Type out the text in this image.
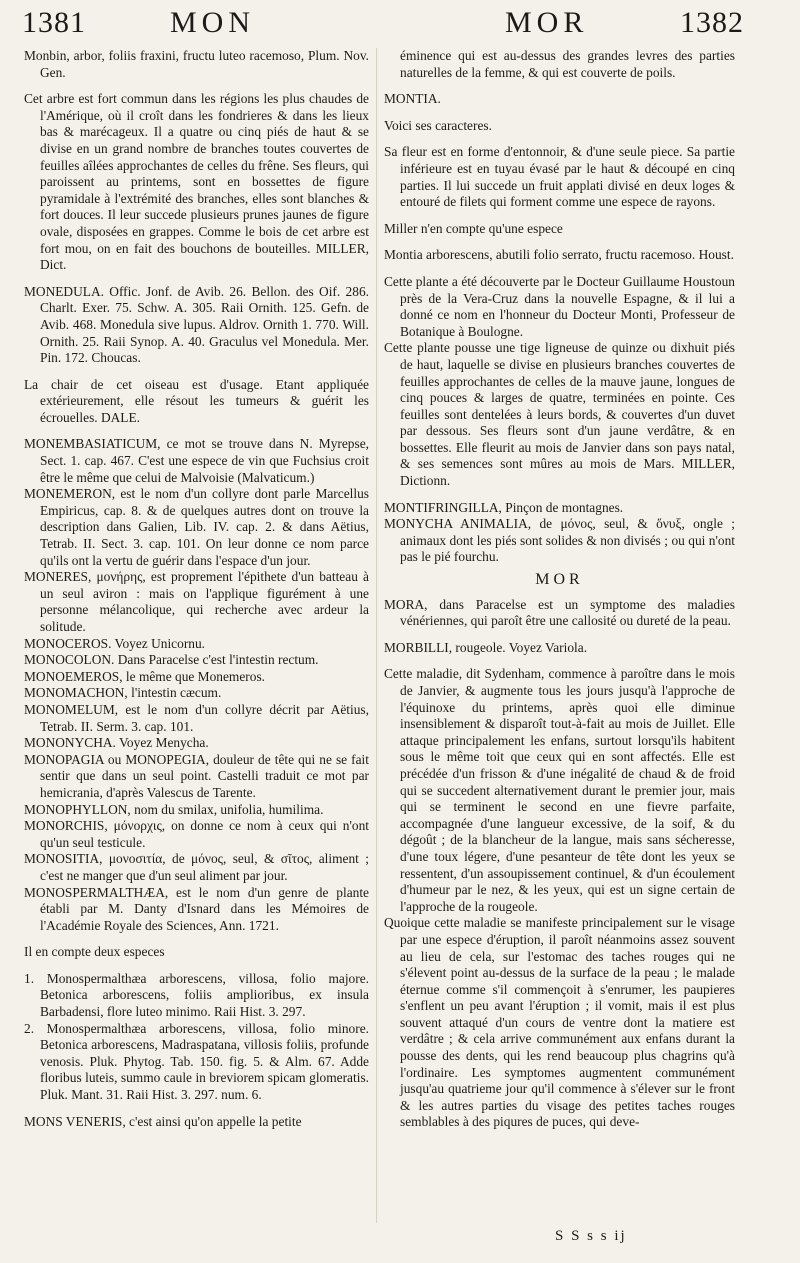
1381	MON	MOR	1382

Monbin, arbor, foliis fraxini, fructu luteo racemoso, Plum. Nov. Gen.

Cet arbre est fort commun dans les régions les plus chaudes de l'Amérique, où il croît dans les fondrieres & dans les lieux bas & marécageux. Il a quatre ou cinq piés de haut & se divise en un grand nombre de branches toutes couvertes de feuilles aîlées approchantes de celles du frêne. Ses fleurs, qui paroissent au printems, sont en bossettes de figure pyramidale à l'extrémité des branches, elles sont blanches & fort douces. Il leur succede plusieurs prunes jaunes de figure ovale, disposées en grappes. Comme le bois de cet arbre est fort mou, on en fait des bouchons de bouteilles. MILLER, Dict.

MONEDULA. Offic. Jonf. de Avib. 26. Bellon. des Oif. 286. Charlt. Exer. 75. Schw. A. 305. Raii Ornith. 125. Gefn. de Avib. 468. Monedula sive lupus. Aldrov. Ornith 1. 770. Will. Ornith. 25. Raii Synop. A. 40. Graculus vel Monedula. Mer. Pin. 172. Choucas.

La chair de cet oiseau est d'usage. Etant appliquée extérieurement, elle résout les tumeurs & guérit les écrouelles. DALE.

MONEMBASIATICUM, ce mot se trouve dans N. Myrepse, Sect. 1. cap. 467. C'est une espece de vin que Fuchsius croit être le même que celui de Malvoisie (Malvaticum.)

MONEMERON, est le nom d'un collyre dont parle Marcellus Empiricus, cap. 8. & de quelques autres dont on trouve la description dans Galien, Lib. IV. cap. 2. & dans Aëtius, Tetrab. II. Sect. 3. cap. 101. On leur donne ce nom parce qu'ils ont la vertu de guérir dans l'espace d'un jour.

MONERES, μονήρης, est proprement l'épithete d'un batteau à un seul aviron : mais on l'applique figurément à une personne mélancolique, qui recherche avec ardeur la solitude.

MONOCEROS. Voyez Unicornu.

MONOCOLON. Dans Paracelse c'est l'intestin rectum.

MONOEMEROS, le même que Monemeros.

MONOMACHON, l'intestin cæcum.

MONOMELUM, est le nom d'un collyre décrit par Aëtius, Tetrab. II. Serm. 3. cap. 101.

MONONYCHA. Voyez Menycha.

MONOPAGIA ou MONOPEGIA, douleur de tête qui ne se fait sentir que dans un seul point. Castelli traduit ce mot par hemicrania, d'après Valescus de Tarente.

MONOPHYLLON, nom du smilax, unifolia, humilima.

MONORCHIS, μόνορχις, on donne ce nom à ceux qui n'ont qu'un seul testicule.

MONOSITIA, μονοσιτία, de μόνος, seul, & σῖτος, aliment ; c'est ne manger que d'un seul aliment par jour.

MONOSPERMALTHÆA, est le nom d'un genre de plante établi par M. Danty d'Isnard dans les Mémoires de l'Académie Royale des Sciences, Ann. 1721.

Il en compte deux especes

1. Monospermalthæa arborescens, villosa, folio majore. Betonica arborescens, foliis amplioribus, ex insula Barbadensi, flore luteo minimo. Raii Hist. 3. 297.

2. Monospermalthæa arborescens, villosa, folio minore. Betonica arborescens, Madraspatana, villosis foliis, profunde venosis. Pluk. Phytog. Tab. 150. fig. 5. & Alm. 67. Adde floribus luteis, summo caule in breviorem spicam glomeratis. Pluk. Mant. 31. Raii Hist. 3. 297. num. 6.

MONS VENERIS, c'est ainsi qu'on appelle la petite

éminence qui est au-dessus des grandes levres des parties naturelles de la femme, & qui est couverte de poils.

MONTIA.

Voici ses caracteres.

Sa fleur est en forme d'entonnoir, & d'une seule piece. Sa partie inférieure est en tuyau évasé par le haut & découpé en cinq parties. Il lui succede un fruit applati divisé en deux loges & entouré de filets qui forment comme une espece de rayons.

Miller n'en compte qu'une espece

Montia arborescens, abutili folio serrato, fructu racemoso. Houst.

Cette plante a été découverte par le Docteur Guillaume Houstoun près de la Vera-Cruz dans la nouvelle Espagne, & il lui a donné ce nom en l'honneur du Docteur Monti, Professeur de Botanique à Boulogne.

Cette plante pousse une tige ligneuse de quinze ou dixhuit piés de haut, laquelle se divise en plusieurs branches couvertes de feuilles approchantes de celles de la mauve jaune, longues de cinq pouces & larges de quatre, terminées en pointe. Ces feuilles sont dentelées à leurs bords, & couvertes d'un duvet par dessous. Ses fleurs sont d'un jaune verdâtre, & en bossettes. Elle fleurit au mois de Janvier dans son pays natal, & ses semences sont mûres au mois de Mars. MILLER, Dictionn.

MONTIFRINGILLA, Pinçon de montagnes.

MONYCHA ANIMALIA, de μόνος, seul, & ὄνυξ, ongle ; animaux dont les piés sont solides & non divisés ; ou qui n'ont pas le pié fourchu.

MOR

MORA, dans Paracelse est un symptome des maladies vénériennes, qui paroît être une callosité ou dureté de la peau.

MORBILLI, rougeole. Voyez Variola.

Cette maladie, dit Sydenham, commence à paroître dans le mois de Janvier, & augmente tous les jours jusqu'à l'approche de l'équinoxe du printems, après quoi elle diminue insensiblement & disparoît tout-à-fait au mois de Juillet. Elle attaque principalement les enfans, surtout lorsqu'ils habitent sous le même toit que ceux qui en sont affectés. Elle est précédée d'un frisson & d'une inégalité de chaud & de froid qui se succedent alternativement durant le premier jour, mais qui se terminent le second en une fievre parfaite, accompagnée d'une langueur excessive, de la soif, & du dégoût ; de la blancheur de la langue, mais sans sécheresse, d'une toux légere, d'une pesanteur de tête dont les yeux se ressentent, d'un assoupissement continuel, & d'un écoulement d'humeur par le nez, & les yeux, qui est un signe certain de l'approche de la rougeole.

Quoique cette maladie se manifeste principalement sur le visage par une espece d'éruption, il paroît néanmoins assez souvent au lieu de cela, sur l'estomac des taches rouges qui ne s'élevent point au-dessus de la surface de la peau ; le malade éternue comme s'il commençoit à s'enrumer, les paupieres s'enflent un peu avant l'éruption ; il vomit, mais il est plus souvent attaqué d'un cours de ventre dont la matiere est verdâtre ; & cela arrive communément aux enfans durant la pousse des dents, qui les rend beaucoup plus chagrins qu'à l'ordinaire. Les symptomes augmentent communément jusqu'au quatrieme jour qu'il commence à s'élever sur le front & les autres parties du visage des petites taches rouges semblables à des piqures de puces, qui deve-

S S s s ij
